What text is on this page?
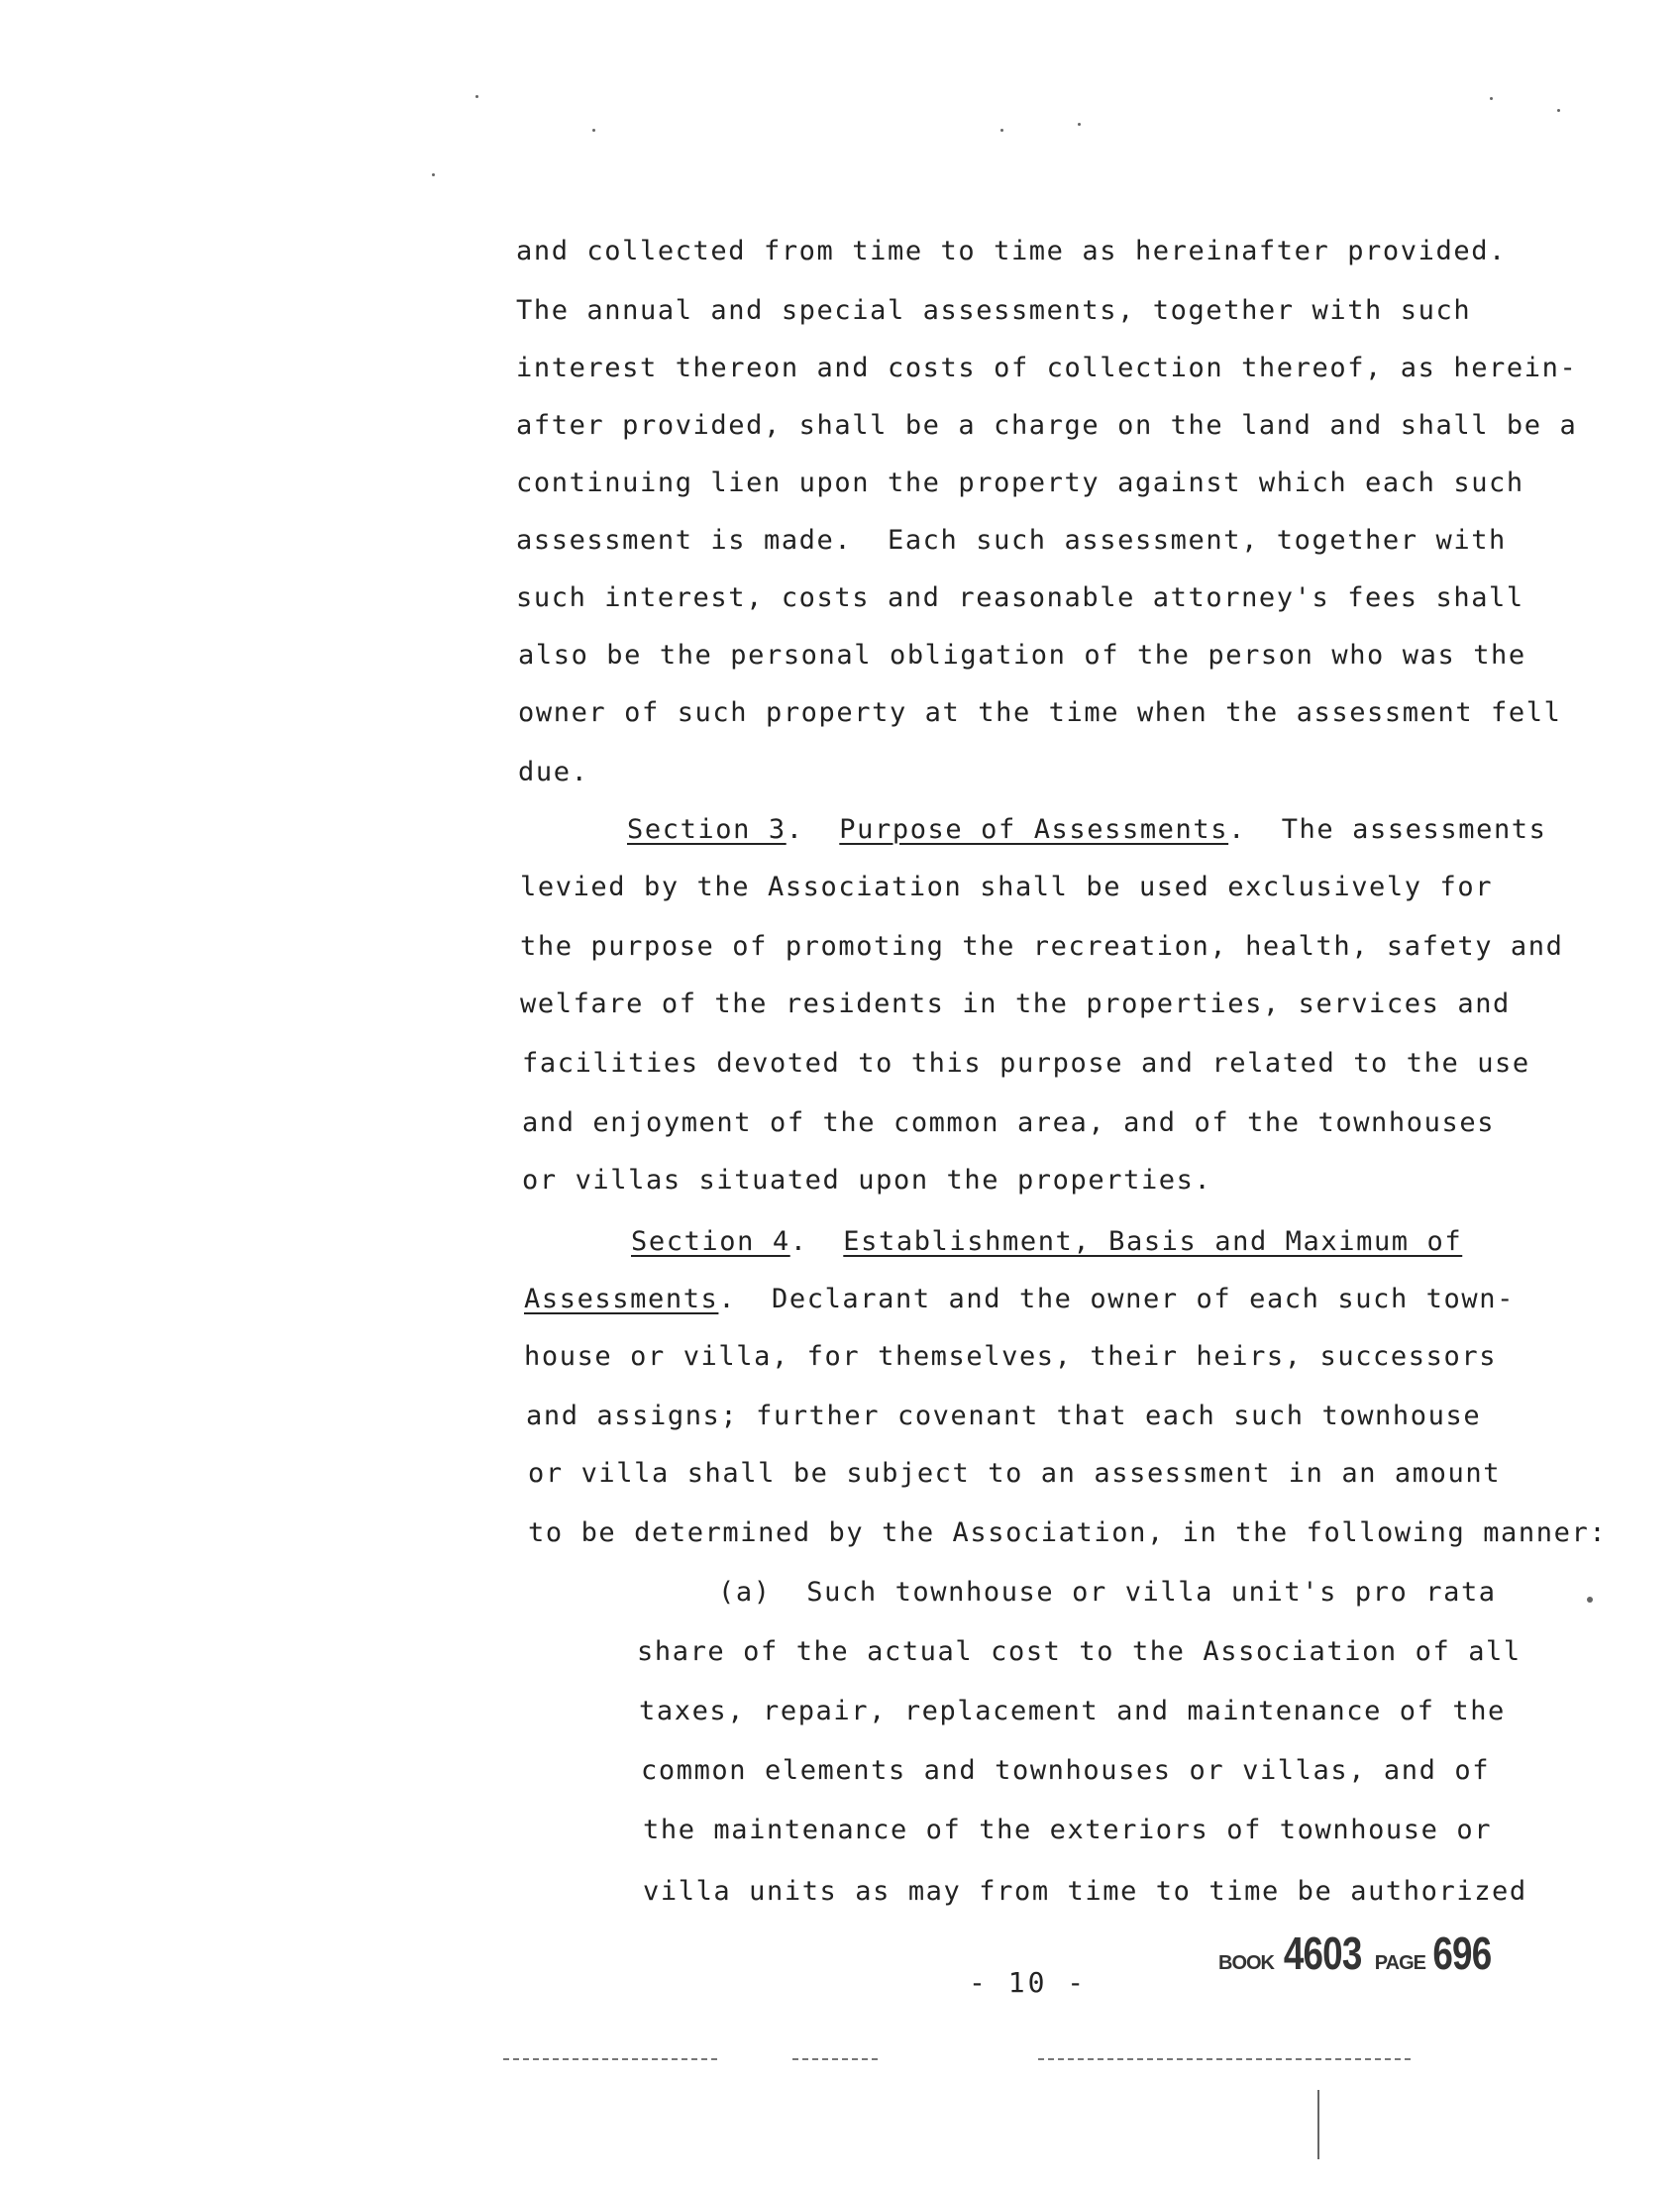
and collected from time to time as hereinafter provided.
The annual and special assessments, together with such
interest thereon and costs of collection thereof, as herein-
after provided, shall be a charge on the land and shall be a
continuing lien upon the property against which each such
assessment is made.  Each such assessment, together with
such interest, costs and reasonable attorney's fees shall
also be the personal obligation of the person who was the
owner of such property at the time when the assessment fell
due.
Section 3.  Purpose of Assessments.  The assessments
levied by the Association shall be used exclusively for
the purpose of promoting the recreation, health, safety and
welfare of the residents in the properties, services and
facilities devoted to this purpose and related to the use
and enjoyment of the common area, and of the townhouses
or villas situated upon the properties.
Section 4.  Establishment, Basis and Maximum of
Assessments.  Declarant and the owner of each such town-
house or villa, for themselves, their heirs, successors
and assigns; further covenant that each such townhouse
or villa shall be subject to an assessment in an amount
to be determined by the Association, in the following manner:
(a) Such townhouse or villa unit's pro rata
share of the actual cost to the Association of all
taxes, repair, replacement and maintenance of the
common elements and townhouses or villas, and of
the maintenance of the exteriors of townhouse or
villa units as may from time to time be authorized
- 10 -
BOOK 4603 PAGE 696
